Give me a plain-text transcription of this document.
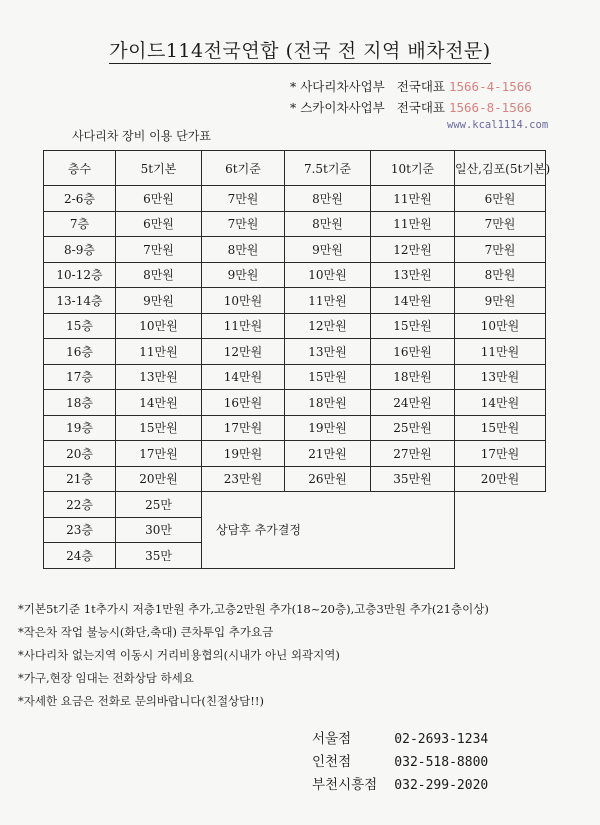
가이드114전국연합 (전국 전 지역 배차전문)
* 사다리차사업부 전국대표 1566-4-1566
* 스카이차사업부 전국대표 1566-8-1566
www.kcal1114.com
사다리차 장비 이용 단가표
층수	5t기본	6t기준	7.5t기준	10t기준	일산,김포(5t기본)
2-6층	6만원	7만원	8만원	11만원	6만원
7층	6만원	7만원	8만원	11만원	7만원
8-9층	7만원	8만원	9만원	12만원	7만원
10-12층	8만원	9만원	10만원	13만원	8만원
13-14층	9만원	10만원	11만원	14만원	9만원
15층	10만원	11만원	12만원	15만원	10만원
16층	11만원	12만원	13만원	16만원	11만원
17층	13만원	14만원	15만원	18만원	13만원
18층	14만원	16만원	18만원	24만원	14만원
19층	15만원	17만원	19만원	25만원	15만원
20층	17만원	19만원	21만원	27만원	17만원
21층	20만원	23만원	26만원	35만원	20만원
22층	25만	상담후 추가결정			
23층	30만				
24층	35만				
*기본5t기준 1t추가시 저층1만원 추가,고층2만원 추가(18~20층),고층3만원 추가(21층이상)
*작은차 작업 불능시(화단,축대) 큰차투입 추가요금
*사다리차 없는지역 이동시 거리비용협의(시내가 아닌 외곽지역)
*가구,현장 임대는 전화상담 하세요
*자세한 요금은 전화로 문의바랍니다(친절상담!!)
서울점	02-2693-1234
인천점	032-518-8800
부천시흥점 032-299-2020
